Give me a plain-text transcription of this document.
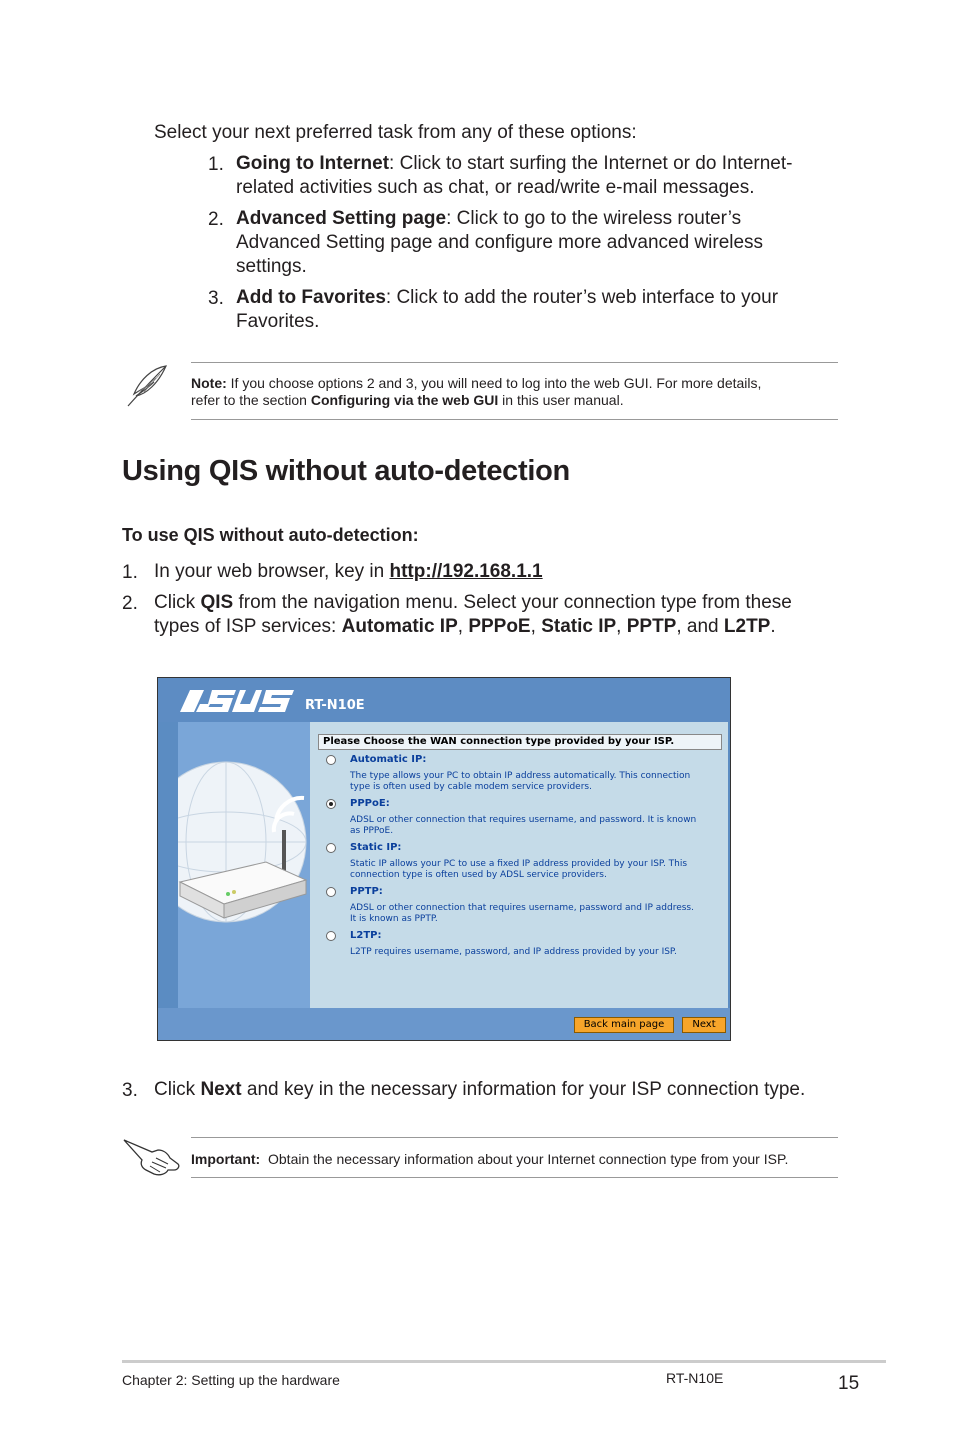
Select your next preferred task from any of these options:
1. Going to Internet: Click to start surfing the Internet or do Internet-
related activities such as chat, or read/write e-mail messages.
2. Advanced Setting page: Click to go to the wireless router’s
Advanced Setting page and configure more advanced wireless
settings.
3. Add to Favorites: Click to add the router’s web interface to your
Favorites.
Note: If you choose options 2 and 3, you will need to log into the web GUI. For more details,
refer to the section Configuring via the web GUI in this user manual.
Using QIS without auto-detection
To use QIS without auto-detection:
1. In your web browser, key in http://192.168.1.1
2. Click QIS from the navigation menu. Select your connection type from these
types of ISP services: Automatic IP, PPPoE, Static IP, PPTP, and L2TP.
RT-N10E
Please Choose the WAN connection type provided by your ISP.
Automatic IP:
The type allows your PC to obtain IP address automatically. This connection type is often used by cable modem service providers.
PPPoE:
ADSL or other connection that requires username, and password. It is known as PPPoE.
Static IP:
Static IP allows your PC to use a fixed IP address provided by your ISP. This connection type is often used by ADSL service providers.
PPTP:
ADSL or other connection that requires username, password and IP address. It is known as PPTP.
L2TP:
L2TP requires username, password, and IP address provided by your ISP.
Back main page	Next
3. Click Next and key in the necessary information for your ISP connection type.
Important:  Obtain the necessary information about your Internet connection type from your ISP.
Chapter 2: Setting up the hardware	RT-N10E	15
